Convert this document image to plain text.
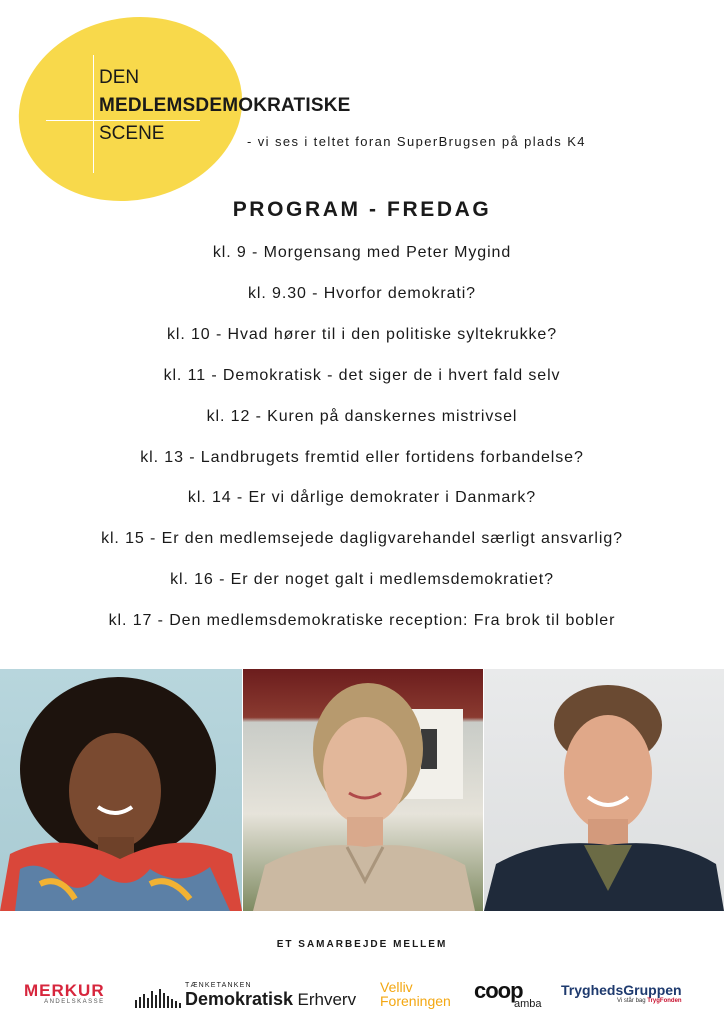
DEN
MEDLEMSDEMOKRATISKE
SCENE	- vi ses i teltet foran SuperBrugsen på plads K4
PROGRAM - FREDAG
kl. 9 - Morgensang med Peter Mygind
kl. 9.30 - Hvorfor demokrati?
kl. 10 - Hvad hører til i den politiske syltekrukke?
kl. 11 - Demokratisk - det siger de i hvert fald selv
kl. 12 - Kuren på danskernes mistrivsel
kl. 13 - Landbrugets fremtid eller fortidens forbandelse?
kl. 14 - Er vi dårlige demokrater i Danmark?
kl. 15 - Er den medlemsejede dagligvarehandel særligt ansvarlig?
kl. 16 - Er der noget galt i medlemsdemokratiet?
kl. 17 - Den medlemsdemokratiske reception: Fra brok til bobler
ET SAMARBEJDE MELLEM
MERKUR
ANDELSKASSE
TÆNKETANKEN
Demokratisk Erhverv
Velliv
Foreningen coop
amba
TryghedsGruppen
Vi står bag TrygFonden
